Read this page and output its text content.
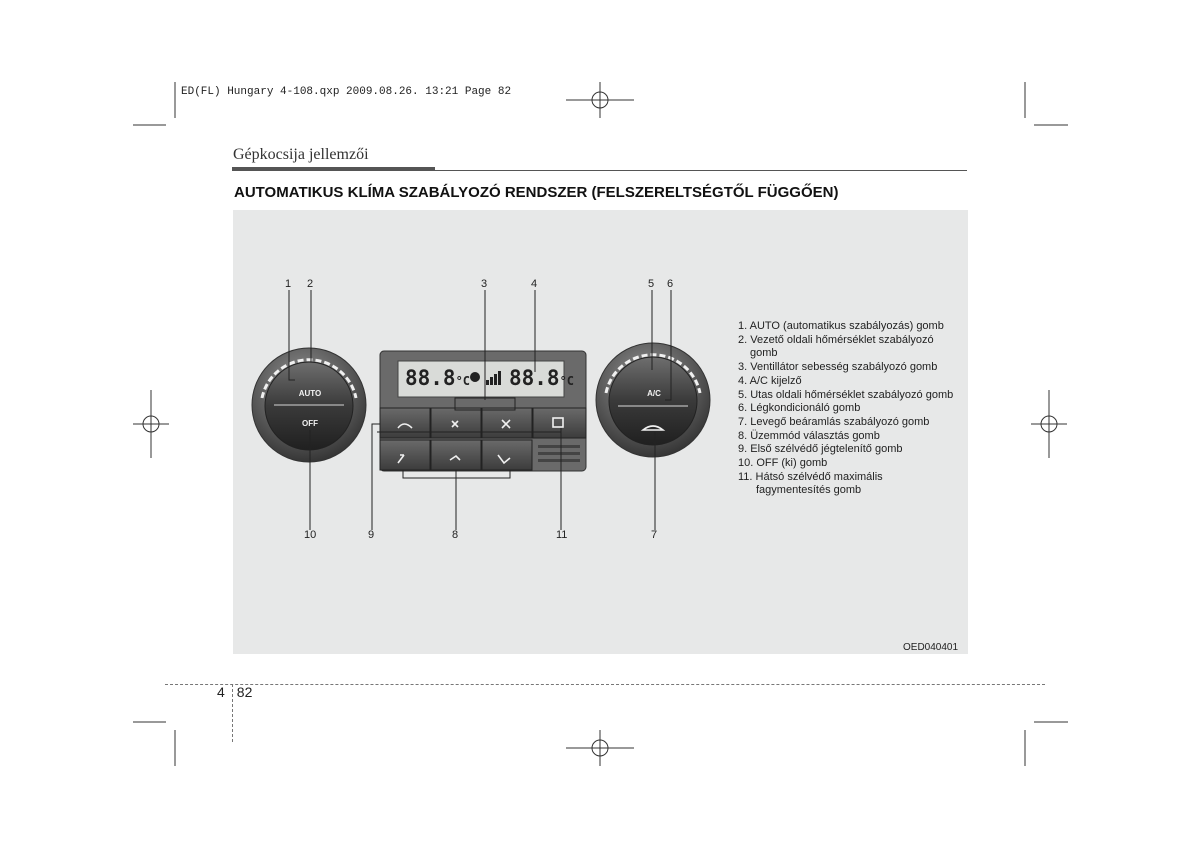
ED(FL) Hungary 4-108.qxp 2009.08.26. 13:21 Page 82
Gépkocsija jellemzői
AUTOMATIKUS KLÍMA SZABÁLYOZÓ RENDSZER (FELSZERELTSÉGTŐL FÜGGŐEN)
AUTO
OFF
A/C
88.8°C 88.8°C
1 2	3	4	5 6
10	9	8	11	7
1. AUTO (automatikus szabályozás) gomb
2. Vezető oldali hőmérséklet szabályozó
gomb
3. Ventillátor sebesség szabályozó gomb
4. A/C kijelző
5. Utas oldali hőmérséklet szabályozó gomb
6. Légkondicionáló gomb
7. Levegő beáramlás szabályozó gomb
8. Üzemmód választás gomb
9. Első szélvédő jégtelenítő gomb
10. OFF (ki) gomb
11. Hátsó szélvédő maximális
fagymentesítés gomb
OED040401
4 82
